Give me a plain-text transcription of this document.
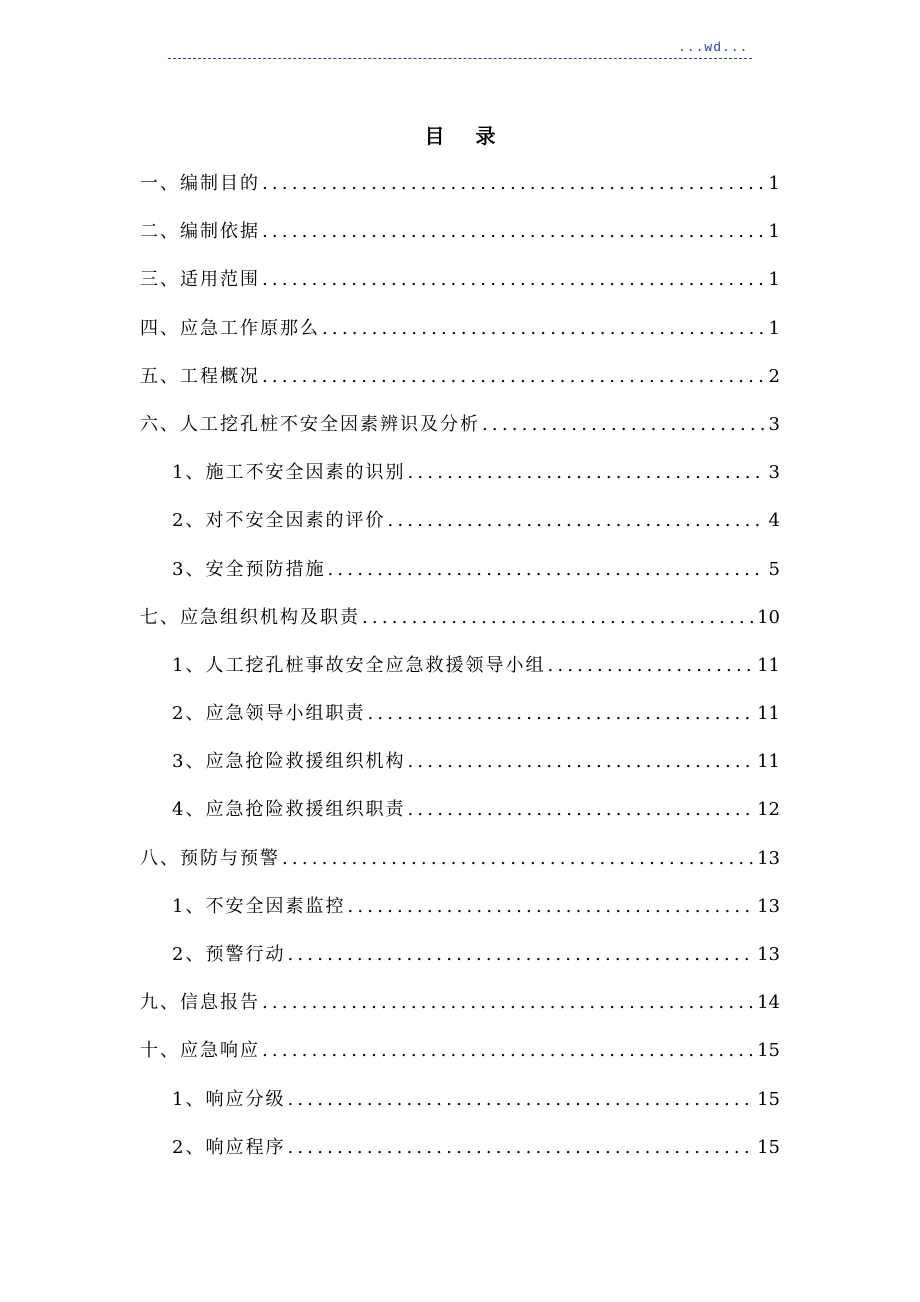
...wd...
目 录
一、编制目的 .....	1
二、编制依据 .....	1
三、适用范围 .....	1
四、应急工作原那么 .....	1
五、工程概况 .....	2
六、人工挖孔桩不安全因素辨识及分析 .....	3
1、施工不安全因素的识别 .....	3
2、对不安全因素的评价 .....	4
3、安全预防措施 .....	5
七、应急组织机构及职责 .....	10
1、人工挖孔桩事故安全应急救援领导小组 .....	11
2、应急领导小组职责 .....	11
3、应急抢险救援组织机构 .....	11
4、应急抢险救援组织职责 .....	12
八、预防与预警 .....	13
1、不安全因素监控 .....	13
2、预警行动 .....	13
九、信息报告 .....	14
十、应急响应 .....	15
1、响应分级 .....	15
2、响应程序 .....	15
